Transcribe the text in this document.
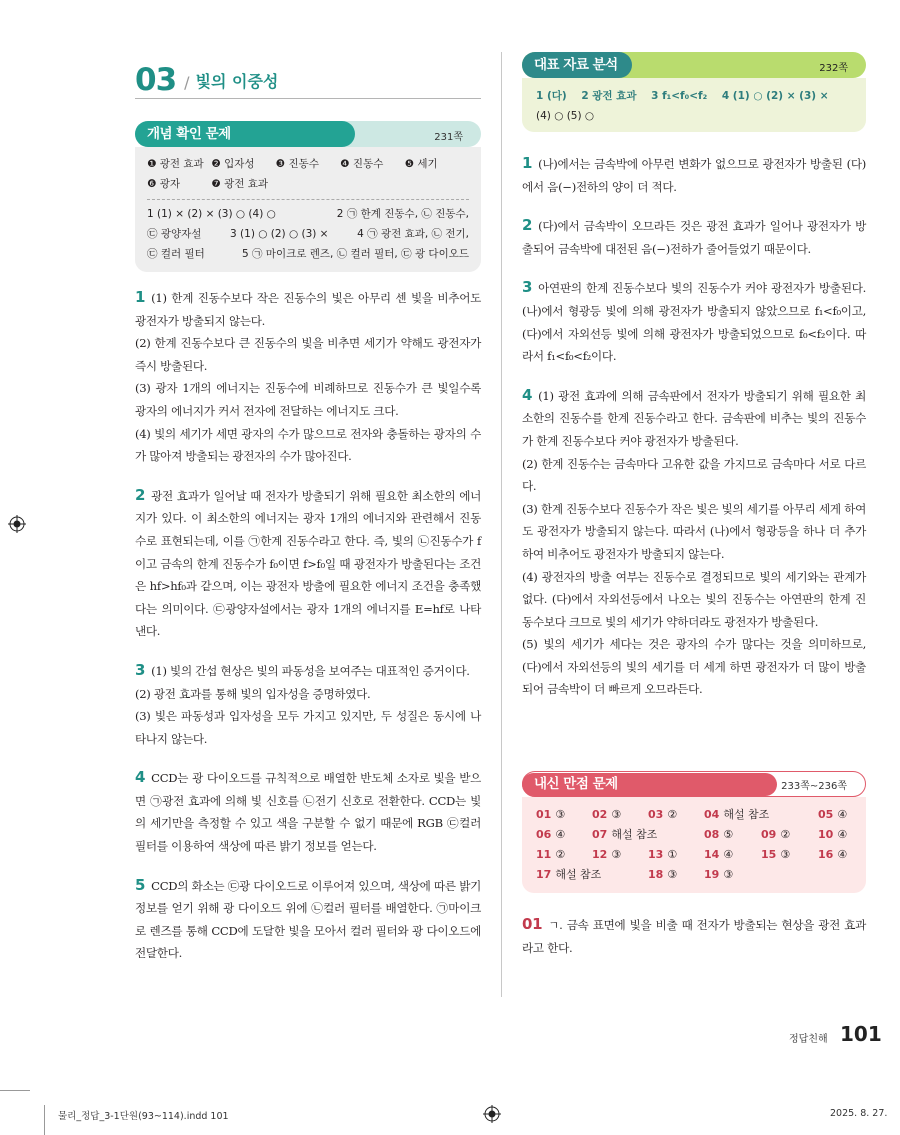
03 / 빛의 이중성
개념 확인 문제	231쪽
❶ 광전 효과 ❷ 입자성	❸ 진동수	❹ 진동수	❺ 세기
❻ 광자	❼ 광전 효과
1 (1) × (2) × (3) ○ (4) ○	2 ㉠ 한계 진동수, ㉡ 진동수,
㉢ 광양자설	3 (1) ○ (2) ○ (3) ×	4 ㉠ 광전 효과, ㉡ 전기,
㉢ 컬러 필터	5 ㉠ 마이크로 렌즈, ㉡ 컬러 필터, ㉢ 광 다이오드

1 (1) 한계 진동수보다 작은 진동수의 빛은 아무리 센 빛을 비추어도 광전자가 방출되지 않는다.

(2) 한계 진동수보다 큰 진동수의 빛을 비추면 세기가 약해도 광전자가 즉시 방출된다.

(3) 광자 1개의 에너지는 진동수에 비례하므로 진동수가 큰 빛일수록 광자의 에너지가 커서 전자에 전달하는 에너지도 크다.

(4) 빛의 세기가 세면 광자의 수가 많으므로 전자와 충돌하는 광자의 수가 많아져 방출되는 광전자의 수가 많아진다.

2 광전 효과가 일어날 때 전자가 방출되기 위해 필요한 최소한의 에너지가 있다. 이 최소한의 에너지는 광자 1개의 에너지와 관련해서 진동수로 표현되는데, 이를 ㉠한계 진동수라고 한다. 즉, 빛의 ㉡진동수가 f이고 금속의 한계 진동수가 f₀이면 f>f₀일 때 광전자가 방출된다는 조건은 hf>hf₀과 같으며, 이는 광전자 방출에 필요한 에너지 조건을 충족했다는 의미이다. ㉢광양자설에서는 광자 1개의 에너지를 E=hf로 나타낸다.

3 (1) 빛의 간섭 현상은 빛의 파동성을 보여주는 대표적인 증거이다.

(2) 광전 효과를 통해 빛의 입자성을 증명하였다.

(3) 빛은 파동성과 입자성을 모두 가지고 있지만, 두 성질은 동시에 나타나지 않는다.

4 CCD는 광 다이오드를 규칙적으로 배열한 반도체 소자로 빛을 받으면 ㉠광전 효과에 의해 빛 신호를 ㉡전기 신호로 전환한다. CCD는 빛의 세기만을 측정할 수 있고 색을 구분할 수 없기 때문에 RGB ㉢컬러 필터를 이용하여 색상에 따른 밝기 정보를 얻는다.

5 CCD의 화소는 ㉢광 다이오드로 이루어져 있으며, 색상에 따른 밝기 정보를 얻기 위해 광 다이오드 위에 ㉡컬러 필터를 배열한다. ㉠마이크로 렌즈를 통해 CCD에 도달한 빛을 모아서 컬러 필터와 광 다이오드에 전달한다.

대표 자료 분석	232쪽
1 (다)    2 광전 효과    3 f₁<f₀<f₂    4 (1) ○ (2) × (3) ×
(4) ○ (5) ○

1 (나)에서는 금속박에 아무런 변화가 없으므로 광전자가 방출된 (다)에서 음(−)전하의 양이 더 적다.

2 (다)에서 금속박이 오므라든 것은 광전 효과가 일어나 광전자가 방출되어 금속박에 대전된 음(−)전하가 줄어들었기 때문이다.

3 아연판의 한계 진동수보다 빛의 진동수가 커야 광전자가 방출된다. (나)에서 형광등 빛에 의해 광전자가 방출되지 않았으므로 f₁<f₀이고, (다)에서 자외선등 빛에 의해 광전자가 방출되었으므로 f₀<f₂이다. 따라서 f₁<f₀<f₂이다.

4 (1) 광전 효과에 의해 금속판에서 전자가 방출되기 위해 필요한 최소한의 진동수를 한계 진동수라고 한다. 금속판에 비추는 빛의 진동수가 한계 진동수보다 커야 광전자가 방출된다.

(2) 한계 진동수는 금속마다 고유한 값을 가지므로 금속마다 서로 다르다.

(3) 한계 진동수보다 진동수가 작은 빛은 빛의 세기를 아무리 세게 하여도 광전자가 방출되지 않는다. 따라서 (나)에서 형광등을 하나 더 추가하여 비추어도 광전자가 방출되지 않는다.

(4) 광전자의 방출 여부는 진동수로 결정되므로 빛의 세기와는 관계가 없다. (다)에서 자외선등에서 나오는 빛의 진동수는 아연판의 한계 진동수보다 크므로 빛의 세기가 약하더라도 광전자가 방출된다.

(5) 빛의 세기가 세다는 것은 광자의 수가 많다는 것을 의미하므로, (다)에서 자외선등의 빛의 세기를 더 세게 하면 광전자가 더 많이 방출되어 금속박이 더 빠르게 오므라든다.

내신 만점 문제	233쪽~236쪽
01 ③	02 ③	03 ②	04 해설 참조	05 ④
06 ④	07 해설 참조	08 ⑤	09 ②	10 ④
11 ②	12 ③	13 ①	14 ④	15 ③	16 ④
17 해설 참조	18 ③	19 ③

01 ㄱ. 금속 표면에 빛을 비출 때 전자가 방출되는 현상을 광전 효과라고 한다.

정답친해 101
물리_정답_3-1단원(93~114).indd 101	2025. 8. 27.
